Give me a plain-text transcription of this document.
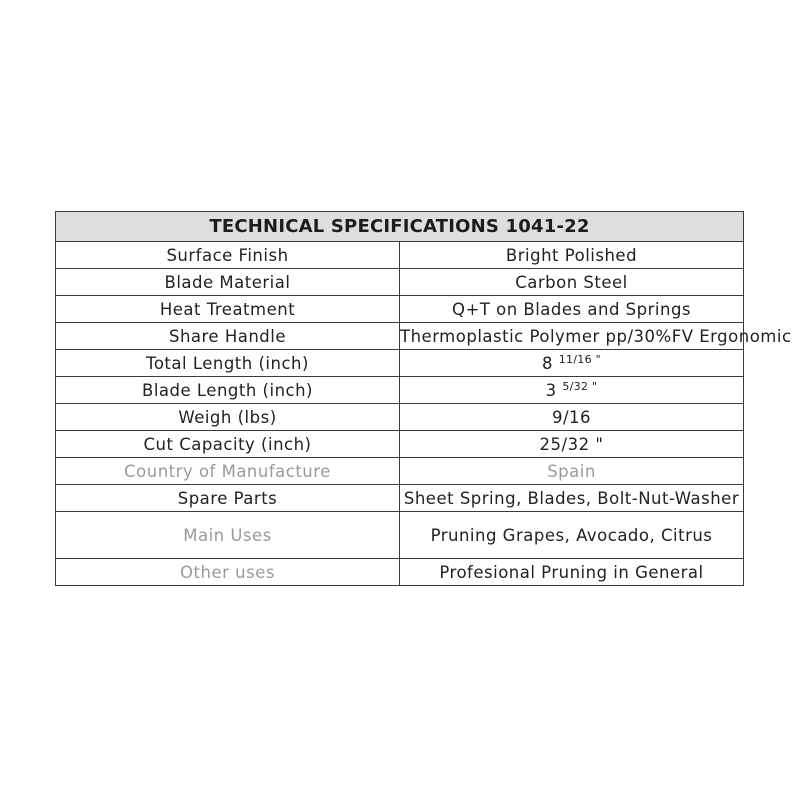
TECHNICAL SPECIFICATIONS 1041-22	
Surface Finish	Bright Polished
Blade Material	Carbon Steel
Heat Treatment	Q+T on Blades and Springs
Share Handle	Thermoplastic Polymer pp/30%FV Ergonomic
Total Length (inch)	8 $^{11/16 "}$
Blade Length (inch)	3 $^{5/32 "}$
Weigh (lbs)	9/16
Cut Capacity (inch)	25/32 "
Country of Manufacture	Spain
Spare Parts	Sheet Spring, Blades, Bolt-Nut-Washer
Main Uses	Pruning Grapes, Avocado, Citrus
Other uses	Profesional Pruning in General
